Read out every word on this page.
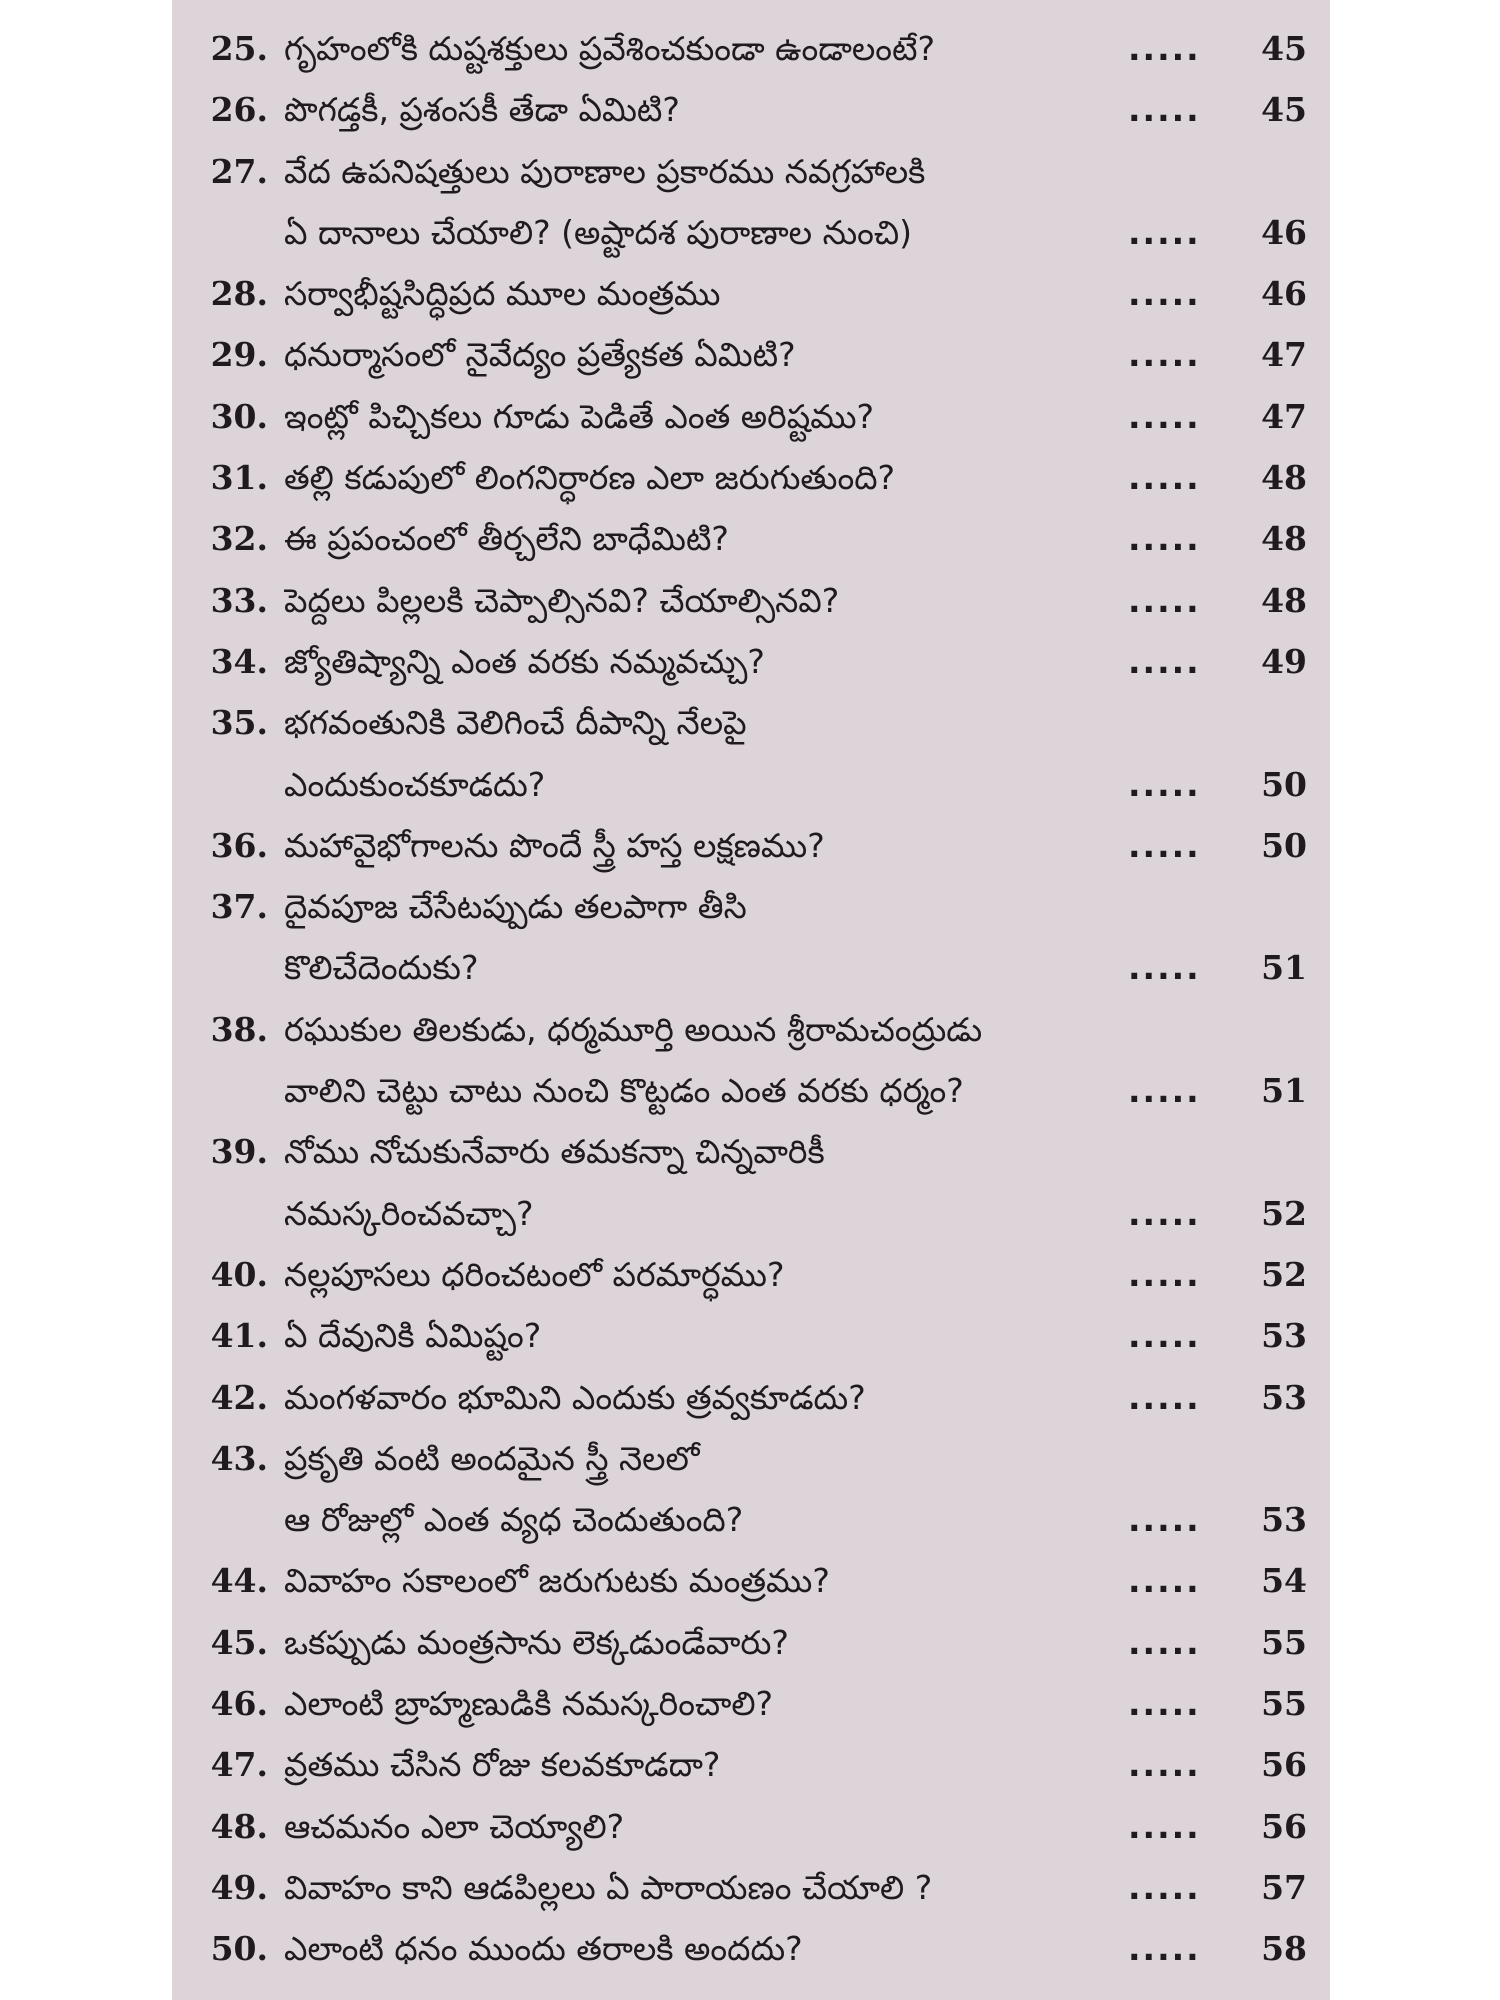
25. గృహంలోకి దుష్టశక్తులు ప్రవేశించకుండా ఉండాలంటే?	.....	45
26. పొగడ్తకీ, ప్రశంసకీ తేడా ఏమిటి?	.....	45
27. వేద ఉపనిషత్తులు పురాణాల ప్రకారము నవగ్రహాలకి
ఏ దానాలు చేయాలి? (అష్టాదశ పురాణాల నుంచి)	.....	46
28. సర్వాభీష్టసిద్ధిప్రద మూల మంత్రము	.....	46
29. ధనుర్మాసంలో నైవేద్యం ప్రత్యేకత ఏమిటి?	.....	47
30. ఇంట్లో పిచ్చికలు గూడు పెడితే ఎంత అరిష్టము?	.....	47
31. తల్లి కడుపులో లింగనిర్ధారణ ఎలా జరుగుతుంది?	.....	48
32. ఈ ప్రపంచంలో తీర్చలేని బాధేమిటి?	.....	48
33. పెద్దలు పిల్లలకి చెప్పాల్సినవి? చేయాల్సినవి?	.....	48
34. జ్యోతిష్యాన్ని ఎంత వరకు నమ్మవచ్చు?	.....	49
35. భగవంతునికి వెలిగించే దీపాన్ని నేలపై
ఎందుకుంచకూడదు?	.....	50
36. మహావైభోగాలను పొందే స్త్రీ హస్త లక్షణము?	.....	50
37. దైవపూజ చేసేటప్పుడు తలపాగా తీసి
కొలిచేదెందుకు?	.....	51
38. రఘుకుల తిలకుడు, ధర్మమూర్తి అయిన శ్రీరామచంద్రుడు
వాలిని చెట్టు చాటు నుంచి కొట్టడం ఎంత వరకు ధర్మం?	.....	51
39. నోము నోచుకునేవారు తమకన్నా చిన్నవారికీ
నమస్కరించవచ్చా?	.....	52
40. నల్లపూసలు ధరించటంలో పరమార్ధము?	.....	52
41. ఏ దేవునికి ఏమిష్టం?	.....	53
42. మంగళవారం భూమిని ఎందుకు త్రవ్వకూడదు?	.....	53
43. ప్రకృతి వంటి అందమైన స్త్రీ నెలలో
ఆ రోజుల్లో ఎంత వ్యధ చెందుతుంది?	.....	53
44. వివాహం సకాలంలో జరుగుటకు మంత్రము?	.....	54
45. ఒకప్పుడు మంత్రసాను లెక్కడుండేవారు?	.....	55
46. ఎలాంటి బ్రాహ్మణుడికి నమస్కరించాలి?	.....	55
47. వ్రతము చేసిన రోజు కలవకూడదా?	.....	56
48. ఆచమనం ఎలా చెయ్యాలి?	.....	56
49. వివాహం కాని ఆడపిల్లలు ఏ పారాయణం చేయాలి ?	.....	57
50. ఎలాంటి ధనం ముందు తరాలకి అందదు?	.....	58
